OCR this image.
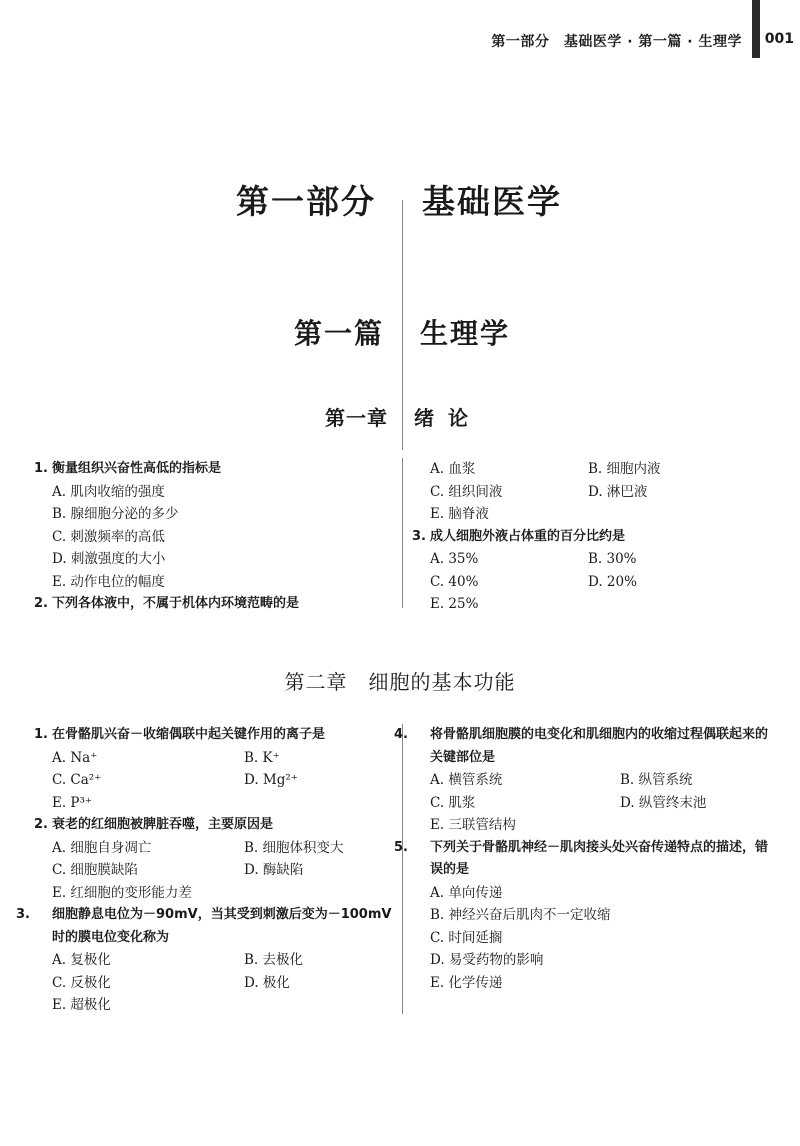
第一部分　基础医学 · 第一篇 · 生理学 001
第一部分 基础医学
第一篇 生理学
第一章 绪论
1. 衡量组织兴奋性高低的指标是
A. 肌肉收缩的强度
B. 腺细胞分泌的多少
C. 刺激频率的高低
D. 刺激强度的大小
E. 动作电位的幅度
2. 下列各体液中，不属于机体内环境范畴的是
A. 血浆	B. 细胞内液
C. 组织间液	D. 淋巴液
E. 脑脊液
3. 成人细胞外液占体重的百分比约是
A. 35%	B. 30%
C. 40%	D. 20%
E. 25%
第二章　细胞的基本功能
1. 在骨骼肌兴奋－收缩偶联中起关键作用的离子是
A. Na⁺	B. K⁺
C. Ca²⁺	D. Mg²⁺
E. P³⁺
2. 衰老的红细胞被脾脏吞噬，主要原因是
A. 细胞自身凋亡	B. 细胞体积变大
C. 细胞膜缺陷	D. 酶缺陷
E. 红细胞的变形能力差
3. 细胞静息电位为－90mV，当其受到刺激后变为－100mV时的膜电位变化称为
A. 复极化	B. 去极化
C. 反极化	D. 极化
E. 超极化
4. 将骨骼肌细胞膜的电变化和肌细胞内的收缩过程偶联起来的关键部位是
A. 横管系统	B. 纵管系统
C. 肌浆	D. 纵管终末池
E. 三联管结构
5. 下列关于骨骼肌神经－肌肉接头处兴奋传递特点的描述，错误的是
A. 单向传递
B. 神经兴奋后肌肉不一定收缩
C. 时间延搁
D. 易受药物的影响
E. 化学传递
